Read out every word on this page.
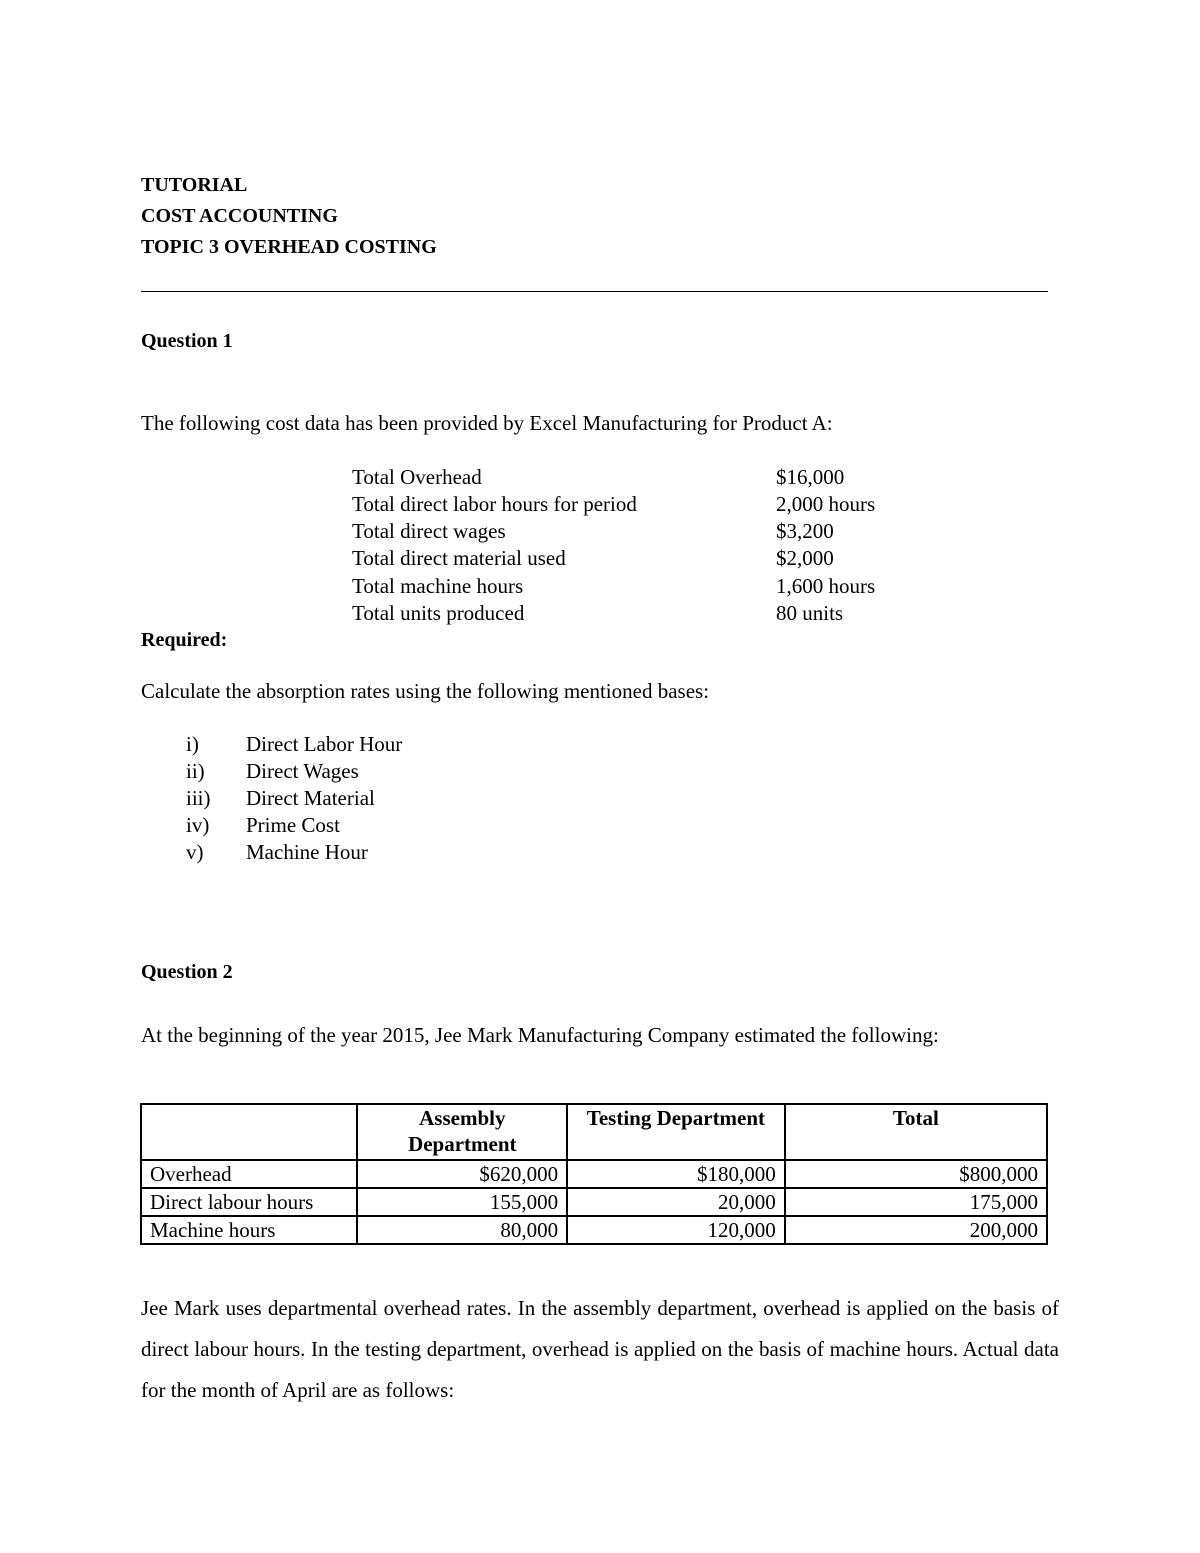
TUTORIAL
COST ACCOUNTING
TOPIC 3 OVERHEAD COSTING
Question 1
The following cost data has been provided by Excel Manufacturing for Product A:
Total Overhead	$16,000
Total direct labor hours for period	2,000 hours
Total direct wages	$3,200
Total direct material used	$2,000
Total machine hours	1,600 hours
Total units produced	80 units
Required:
Calculate the absorption rates using the following mentioned bases:
i) Direct Labor Hour
ii) Direct Wages
iii) Direct Material
iv) Prime Cost
v) Machine Hour
Question 2
At the beginning of the year 2015, Jee Mark Manufacturing Company estimated the following:
	Assembly Department	Testing Department	Total
Overhead	$620,000	$180,000	$800,000
Direct labour hours	155,000	20,000	175,000
Machine hours	80,000	120,000	200,000
Jee Mark uses departmental overhead rates. In the assembly department, overhead is applied on the basis of direct labour hours. In the testing department, overhead is applied on the basis of machine hours. Actual data for the month of April are as follows:
